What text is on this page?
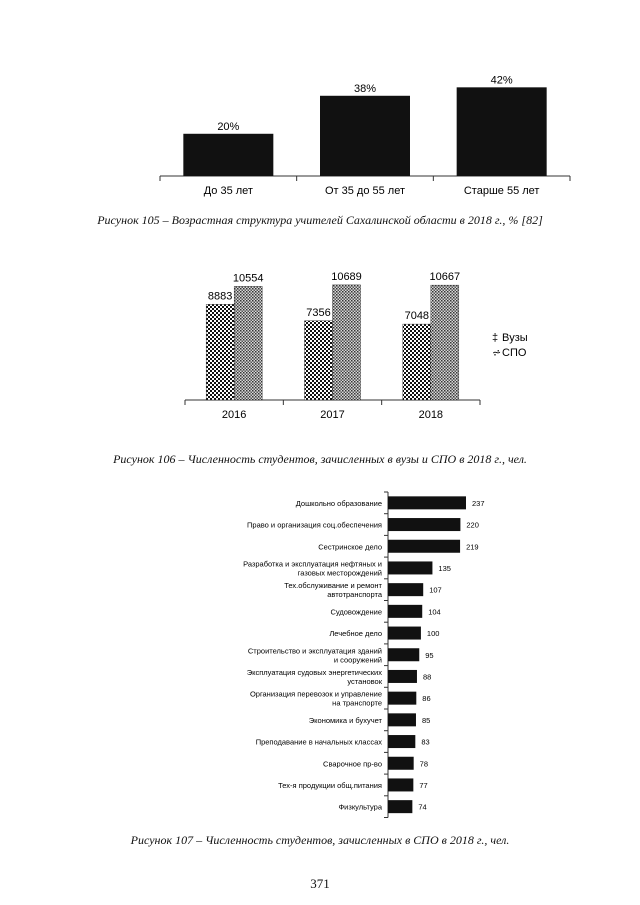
20%
До 35 лет
38%
От 35 до 55 лет
42%
Старше 55 лет
Рисунок 105 – Возрастная структура учителей Сахалинской области в 2018 г., % [82]
8883
10554
2016
7356
10689
2017
7048
10667
2018
‡ Вузы
⩫ СПО
Рисунок 106 – Численность студентов, зачисленных в вузы и СПО в 2018 г., чел.
237
Дошкольно образование
220
Право и организация соц.обеспечения
219
Сестринское дело
135
Разработка и эксплуатация нефтяных и газовых месторождений
107
Тех.обслуживание и ремонт автотранспорта
104
Судовождение
100
Лечебное дело
95
Строительство и эксплуатация зданий и сооружений
88
Эксплуатация судовых энергетических установок
86
Организация перевозок и управление на транспорте
85
Экономика и бухучет
83
Преподавание в начальных классах
78
Сварочное пр-во
77
Тех-я продукции общ.питания
74
Физкультура
Рисунок 107 – Численность студентов, зачисленных в СПО в 2018 г., чел.
371
